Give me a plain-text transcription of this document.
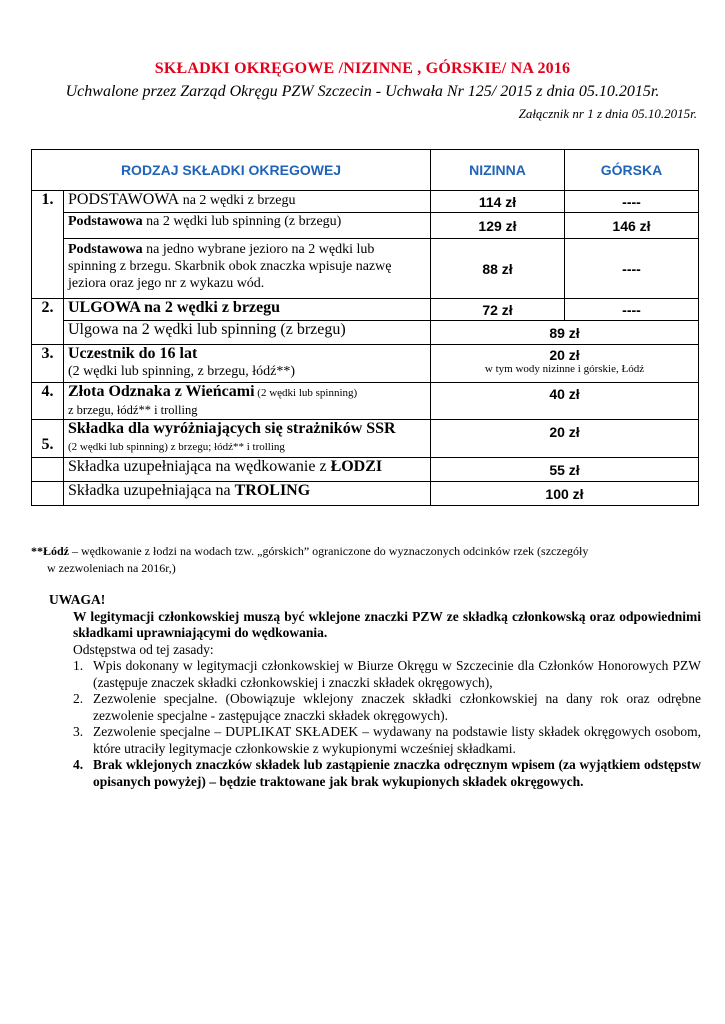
SKŁADKI OKRĘGOWE /NIZINNE , GÓRSKIE/ NA 2016
Uchwalone przez Zarząd Okręgu PZW Szczecin - Uchwała Nr 125/ 2015 z dnia 05.10.2015r.
Załącznik nr 1 z dnia 05.10.2015r.
RODZAJ SKŁADKI OKREGOWEJ		NIZINNA	GÓRSKA
1.	PODSTAWOWA na 2 wędki z brzegu	114 zł	----
	Podstawowa na 2 wędki lub spinning (z brzegu)	129 zł	146 zł
	Podstawowa na jedno wybrane jezioro na 2 wędki lub spinning z brzegu. Skarbnik obok znaczka wpisuje nazwę jeziora oraz jego nr z wykazu wód.	88 zł	----
2.	ULGOWA na 2 wędki z brzegu	72 zł	----
	Ulgowa na 2 wędki lub spinning (z brzegu)	89 zł	
3.	Uczestnik do 16 lat
(2 wędki lub spinning, z brzegu, łódź**)	20 zł
w tym wody nizinne i górskie, Łódź	

4.	Złota Odznaka z Wieńcami (2 wędki lub spinning)
z brzegu, łódź** i trolling	40 zł	
5.	Składka dla wyróżniających się strażników SSR
(2 wędki lub spinning) z brzegu; łódź** i trolling	20 zł	
	Składka uzupełniająca na wędkowanie z ŁODZI	55 zł	
	Składka uzupełniająca na TROLING	100 zł	
**Łódź – wędkowanie z łodzi na wodach tzw. „górskich” ograniczone do wyznaczonych odcinków rzek (szczegóły
w zezwoleniach na 2016r,)
UWAGA!
W legitymacji członkowskiej muszą być wklejone znaczki PZW ze składką członkowską oraz odpowiednimi składkami uprawniającymi do wędkowania.
Odstępstwa od tej zasady:
1. Wpis dokonany w legitymacji członkowskiej w Biurze Okręgu w Szczecinie dla Członków Honorowych PZW (zastępuje znaczek składki członkowskiej i znaczki składek okręgowych),
2. Zezwolenie specjalne. (Obowiązuje wklejony znaczek składki członkowskiej na dany rok oraz odrębne zezwolenie specjalne - zastępujące znaczki składek okręgowych).
3. Zezwolenie specjalne – DUPLIKAT SKŁADEK – wydawany na podstawie listy składek okręgowych osobom, które utraciły legitymacje członkowskie z wykupionymi wcześniej składkami.
4. Brak wklejonych znaczków składek lub zastąpienie znaczka odręcznym wpisem (za wyjątkiem odstępstw opisanych powyżej) – będzie traktowane jak brak wykupionych składek okręgowych.
